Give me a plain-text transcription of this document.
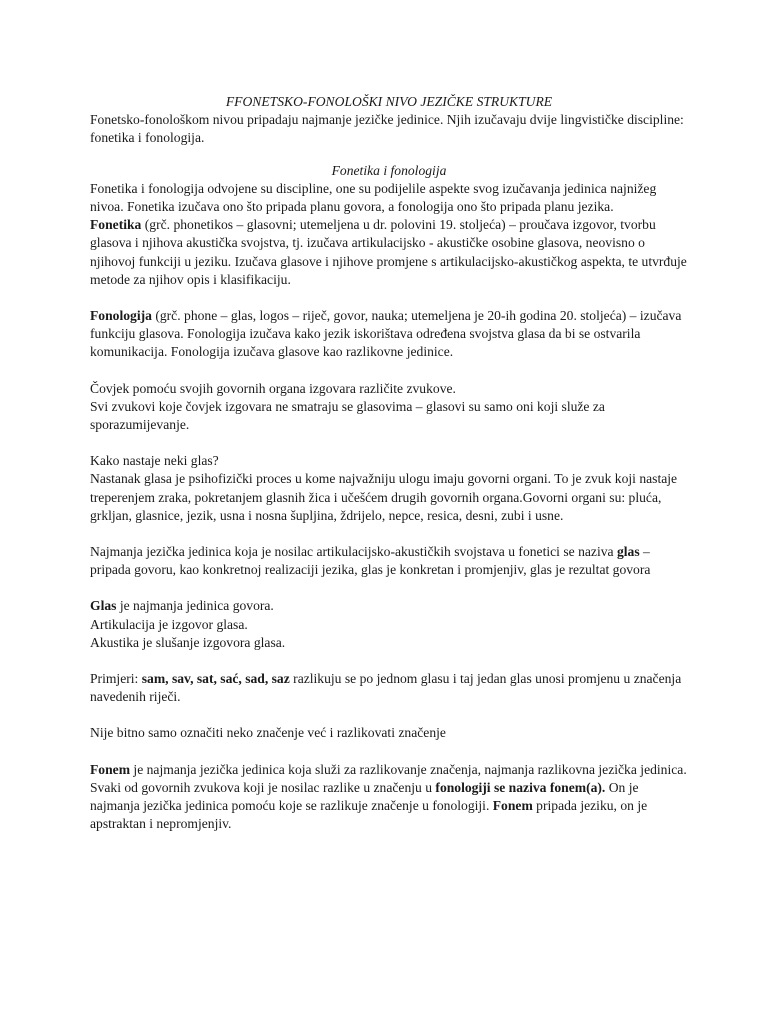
FFONETSKO-FONOLOŠKI NIVO JEZIČKE STRUKTURE

Fonetsko-fonološkom nivou pripadaju najmanje jezičke jedinice. Njih izučavaju dvije lingvističke discipline: fonetika i fonologija.

Fonetika i fonologija

Fonetika i fonologija odvojene su discipline, one su podijelile aspekte svog izučavanja jedinica najnižeg nivoa. Fonetika izučava ono što pripada planu govora, a fonologija ono što pripada planu jezika.

Fonetika (grč. phonetikos – glasovni; utemeljena u dr. polovini 19. stoljeća) – proučava izgovor, tvorbu glasova i njihova akustička svojstva, tj. izučava artikulacijsko - akustičke osobine glasova, neovisno o njihovoj funkciji u jeziku. Izučava glasove i njihove promjene s artikulacijsko-akustičkog aspekta, te utvrđuje metode za njihov opis i klasifikaciju.

Fonologija (grč. phone – glas, logos – riječ, govor, nauka; utemeljena je 20-ih godina 20. stoljeća) – izučava funkciju glasova. Fonologija izučava kako jezik iskorištava određena svojstva glasa da bi se ostvarila komunikacija. Fonologija izučava glasove kao razlikovne jedinice.

Čovjek pomoću svojih govornih organa izgovara različite zvukove.

Svi zvukovi koje čovjek izgovara ne smatraju se glasovima – glasovi su samo oni koji služe za sporazumijevanje.

Kako nastaje neki glas?

Nastanak glasa je psihofizički proces u kome najvažniju ulogu imaju govorni organi. To je zvuk koji nastaje treperenjem zraka, pokretanjem glasnih žica i učešćem drugih govornih organa.Govorni organi su: pluća, grkljan, glasnice, jezik, usna i nosna šupljina, ždrijelo, nepce, resica, desni, zubi i usne.

Najmanja jezička jedinica koja je nosilac artikulacijsko-akustičkih svojstava u fonetici se naziva glas – pripada govoru, kao konkretnoj realizaciji jezika, glas je konkretan i promjenjiv, glas je rezultat govora

Glas je najmanja jedinica govora.

Artikulacija je izgovor glasa.

Akustika je slušanje izgovora glasa.

Primjeri: sam, sav, sat, sać, sad, saz razlikuju se po jednom glasu i taj jedan glas unosi promjenu u značenja navedenih riječi.

Nije bitno samo označiti neko značenje već i razlikovati značenje

Fonem je najmanja jezička jedinica koja služi za razlikovanje značenja, najmanja razlikovna jezička jedinica. Svaki od govornih zvukova koji je nosilac razlike u značenju u fonologiji se naziva fonem(a). On je najmanja jezička jedinica pomoću koje se razlikuje značenje u fonologiji. Fonem pripada jeziku, on je apstraktan i nepromjenjiv.
